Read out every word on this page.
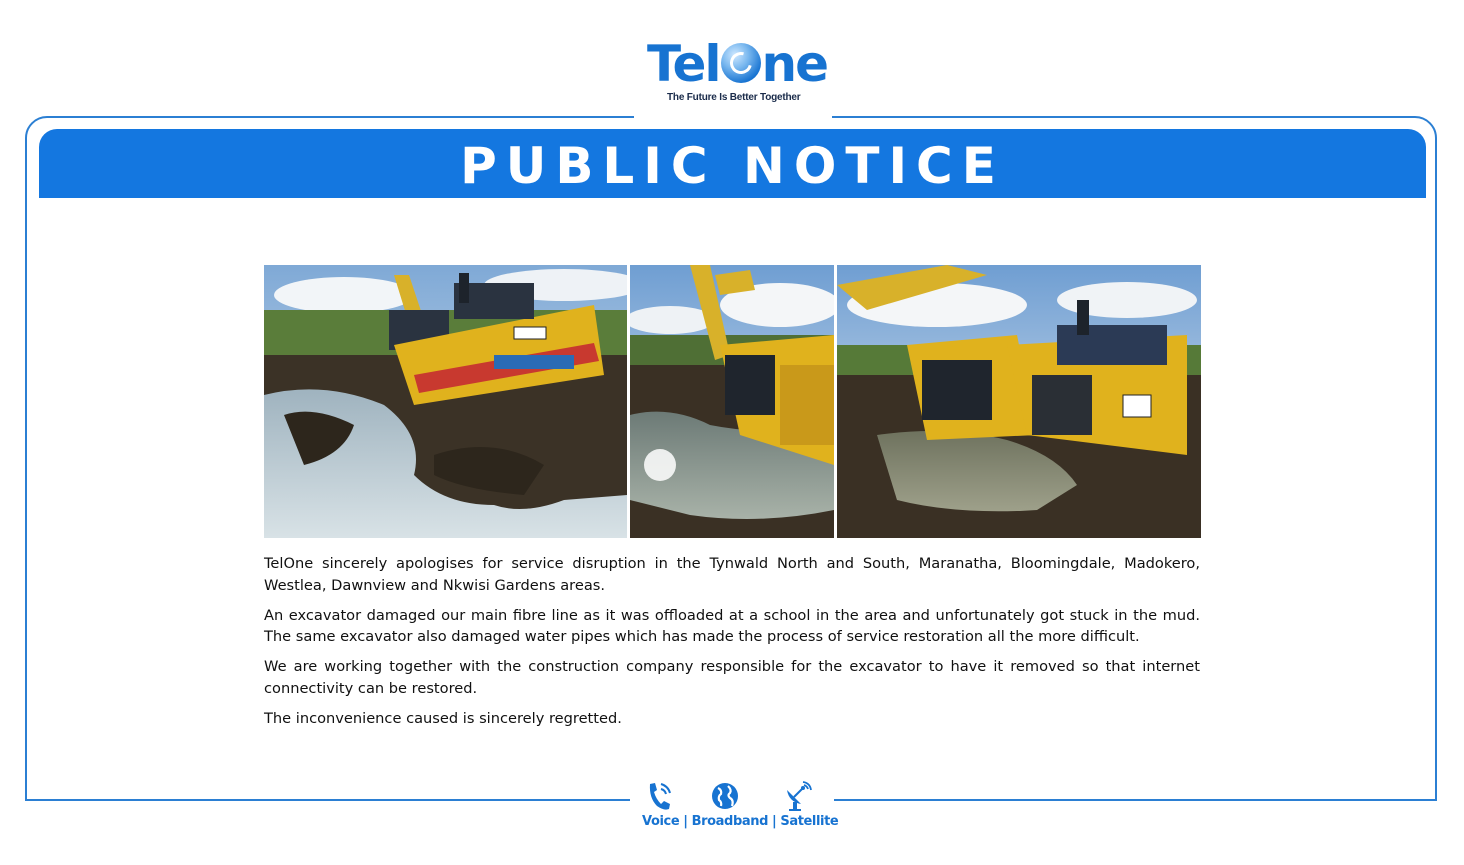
Tel ne
The Future Is Better Together
PUBLIC NOTICE

TelOne sincerely apologises for service disruption in the Tynwald North and South, Maranatha, Bloomingdale, Madokero, Westlea, Dawnview and Nkwisi Gardens areas.

An excavator damaged our main fibre line as it was offloaded at a school in the area and unfortunately got stuck in the mud. The same excavator also damaged water pipes which has made the process of service restoration all the more difficult.

We are working together with the construction company responsible for the excavator to have it removed so that internet connectivity can be restored.

The inconvenience caused is sincerely regretted.

Voice | Broadband | Satellite
